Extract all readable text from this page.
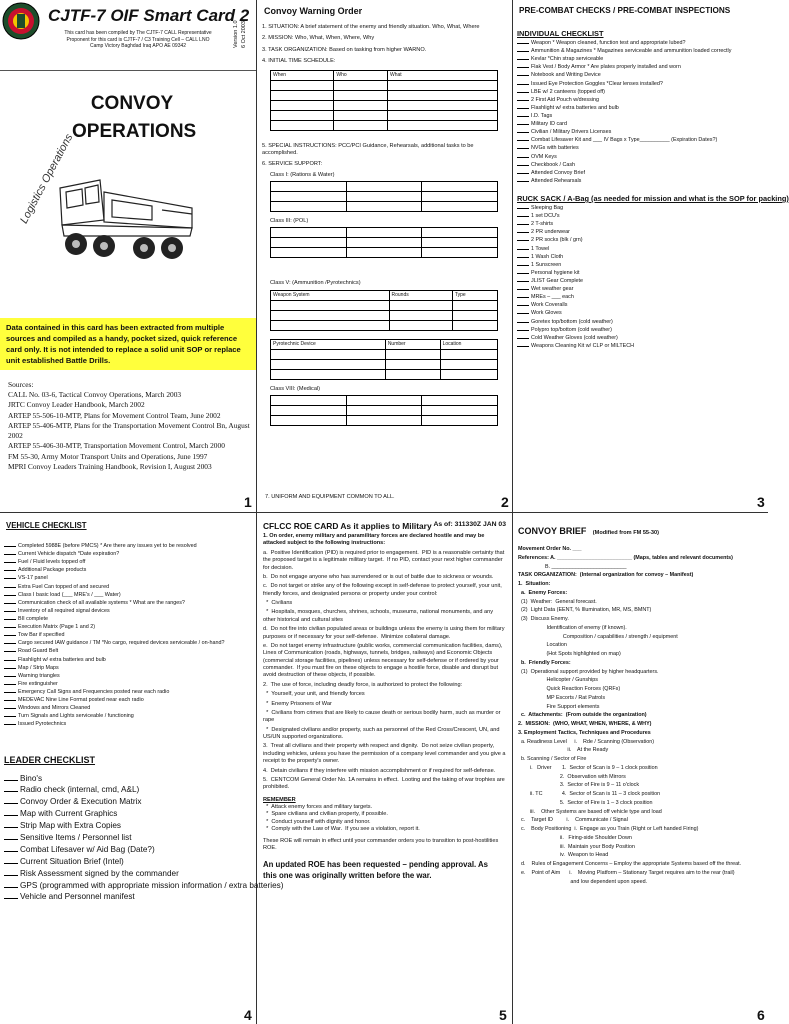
CJTF-7 OIF Smart Card 2
Version 1.0 6 Oct 2003
This card has been compiled by The CJTF-7 CALL Representative
Proponent for this card is CJTF-7 / C3 Training Cell – CALL LNO
Camp Victory Baghdad Iraq APO AE 09342
Logistics Operations
CONVOY
OPERATIONS
Data contained in this card has been extracted from multiple sources and compiled as a handy, pocket sized, quick reference card only. It is not intended to replace a solid unit SOP or replace unit established Battle Drills.
Sources:
CALL No. 03-6, Tactical Convoy Operations, March 2003
JRTC Convoy Leader Handbook, March 2002
ARTEP 55-506-10-MTP, Plans for Movement Control Team, June 2002
ARTEP 55-406-MTP, Plans for the Transportation Movement Control Bn, August 2002
ARTEP 55-406-30-MTP, Transportation Movement Control, March 2000
FM 55-30, Army Motor Transport Units and Operations, June 1997
MPRI Convoy Leaders Training Handbook, Revision I, August 2003
1
Convoy Warning Order
1. SITUATION: A brief statement of the enemy and friendly situation. Who, What, Where
2. MISSION: Who, What, When, Where, Why
3. TASK ORGANIZATION: Based on tasking from higher WARNO.
4. INITIAL TIME SCHEDULE:
When	Who	What

5. SPECIAL INSTRUCTIONS: PCC/PCI Guidance, Rehearsals, additional tasks to be accomplished.
6. SERVICE SUPPORT:
Class I: (Rations & Water)

Class III: (POL)

Class V: (Ammunition /Pyrotechnics)
Weapon System	Rounds	Type

Pyrotechnic Device	Number	Location

Class VIII: (Medical)

7. UNIFORM AND EQUIPMENT COMMON TO ALL.	2
PRE-COMBAT CHECKS / PRE-COMBAT INSPECTIONS
INDIVIDUAL CHECKLIST
Weapon * Weapon cleaned, function test and appropriate lubed?
Ammunition & Magazines * Magazines serviceable and ammunition loaded correctly
Kevlar *Chin strap serviceable
Flak Vest / Body Armor * Are plates properly installed and worn
Notebook and Writing Device
Issued Eye Protection Goggles *Clear lenses installed?
LBE w/ 2 canteens (topped off)
2 First Aid Pouch w/dressing
Flashlight w/ extra batteries and bulb
I.D. Tags
Military ID card
Civilian / Military Drivers Licenses
Combat Lifesaver Kit and ___ IV Bags x Type__________ (Expiration Dates?)
NVGs with batteries
OVM Keys
Checkbook / Cash
Attended Convoy Brief
Attended Rehearsals
RUCK SACK / A-Bag (as needed for mission and what is the SOP for packing)
Sleeping Bag
1 set DCU's
2 T-shirts
2 PR underwear
2 PR socks (blk / grn)
1 Towel
1 Wash Cloth
1 Sunscreen
Personal hygiene kit
JLIST Gear Complete
Wet weather gear
MREs – ___ each
Work Coveralls
Work Gloves
Goretex top/bottom (cold weather)
Polypro top/bottom (cold weather)
Cold Weather Gloves (cold weather)
Weapons Cleaning Kit w/ CLP or MILTECH
3
VEHICLE CHECKLIST
Completed 5988E (before PMCS) * Are there any issues yet to be resolved
Current Vehicle dispatch *Date expiration?
Fuel / Fluid levels topped off
Additional Package products
VS-17 panel
Extra Fuel Can topped of and secured
Class I basic load (___ MRE's / ___ Water)
Communication check of all available systems * What are the ranges?
Inventory of all required signal devices
BII complete
Execution Matrix (Page 1 and 2)
Tow Bar if specified
Cargo secured IAW guidance / TM *No cargo, required devices serviceable / on-hand?
Road Guard Belt
Flashlight w/ extra batteries and bulb
Map / Strip Maps
Warning triangles
Fire extinguisher
Emergency Call Signs and Frequencies posted near each radio
MEDEVAC Nine Line Format posted near each radio
Windows and Mirrors Cleaned
Turn Signals and Lights serviceable / functioning
Issued Pyrotechnics
LEADER CHECKLIST
Bino's
Radio check (internal, cmd, A&L)
Convoy Order & Execution Matrix
Map with Current Graphics
Strip Map with Extra Copies
Sensitive Items / Personnel list
Combat Lifesaver w/ Aid Bag (Date?)
Current Situation Brief (Intel)
Risk Assessment signed by the commander
GPS (programmed with appropriate mission information / extra batteries)
Vehicle and Personnel manifest
4
CFLCC ROE CARD As it applies to Military As of: 311330Z JAN 03
1. On order, enemy military and paramilitary forces are declared hostile and may be attacked subject to the following instructions:
a.  Positive Identification (PID) is required prior to engagement.  PID is a reasonable certainty that the proposed target is a legitimate military target.  If no PID, contact your next higher commander for decision.
b.  Do not engage anyone who has surrendered or is out of battle due to sickness or wounds.
c.  Do not target or strike any of the following except in self-defense to protect yourself, your unit, friendly forces, and designated persons or property under your control:
*  Civilians
*  Hospitals, mosques, churches, shrines, schools, museums, national monuments, and any other historical and cultural sites
d.  Do not fire into civilian populated areas or buildings unless the enemy is using them for military purposes or if necessary for your self-defense.  Minimize collateral damage.
e.  Do not target enemy infrastructure (public works, commercial communication facilities, dams), Lines of Communication (roads, highways, tunnels, bridges, railways) and Economic Objects (commercial storage facilities, pipelines) unless necessary for self-defense or if ordered by your commander.  If you must fire on these objects to engage a hostile force, disable and disrupt but avoid destruction of these objects, if possible.
2.  The use of force, including deadly force, is authorized to protect the following:
*  Yourself, your unit, and friendly forces
*  Enemy Prisoners of War
*  Civilians from crimes that are likely to cause death or serious bodily harm, such as murder or rape
*  Designated civilians and/or property, such as personnel of the Red Cross/Crescent, UN, and US/UN supported organizations.
3.  Treat all civilians and their property with respect and dignity.  Do not seize civilian property, including vehicles, unless you have the permission of a company level commander and you give a receipt to the property's owner.
4.  Detain civilians if they interfere with mission accomplishment or if required for self-defense.
5.  CENTCOM General Order No. 1A remains in effect.  Looting and the taking of war trophies are prohibited.
REMEMBER
*  Attack enemy forces and military targets.
*  Spare civilians and civilian property, if possible.
*  Conduct yourself with dignity and honor.
*  Comply with the Law of War.  If you see a violation, report it.
These ROE will remain in effect until your commander orders you to transition to post-hostilities ROE.
An updated ROE has been requested – pending approval. As this one was originally written before the war.
5
CONVOY BRIEF (Modified from FM 55-30)
Movement Order No. ___
References: A. _________________________ (Maps, tables and relevant documents)
B. _________________________
TASK ORGANIZATION:  (Internal organization for convoy – Manifest)
1.  Situation:
a.  Enemy Forces:
(1)  Weather:  General forecast.
(2)  Light Data (EENT, % Illumination, MR, MS, BMNT)
(3)  Discuss Enemy.
Identification of enemy (if known).
Composition / capabilities / strength / equipment
Location
(Hot Spots highlighted on map)
b.  Friendly Forces:
(1)  Operational support provided by higher headquarters.
Helicopter / Gunships
Quick Reaction Forces (QRFs)
MP Escorts / Rat Patrols
Fire Support elements
c.  Attachments:  (From outside the organization)
2.  MISSION:  (WHO, WHAT, WHEN, WHERE, & WHY)
3. Employment Tactics, Techniques and Procedures
a. Readiness Level     i.    Rde / Scanning (Observation)
ii.    At the Ready
b. Scanning / Sector of Fire
i.   Driver       1.  Sector of Scan is 9 – 1 clock position
2.  Observation with Mirrors
3.  Sector of Fire is 9 – 11 o'clock
ii. TC             4.  Sector of Scan is 11 – 3 clock position
5.  Sector of Fire is 1 – 3 clock position
iii.    Other Systems are based off vehicle type and load
c.    Target ID         i.    Communicate / Signal
c.    Body Positioning  i.  Engage as you Train (Right or Left handed Firing)
ii.   Firing-side Shoulder Down
iii.  Maintain your Body Position
iv.  Weapon to Head
d.    Rules of Engagement Concerns – Employ the appropriate Systems based off the threat.
e.    Point of Aim      i.    Moving Platform – Stationary Target requires aim to the rear (trail)
and low dependent upon speed.
6
